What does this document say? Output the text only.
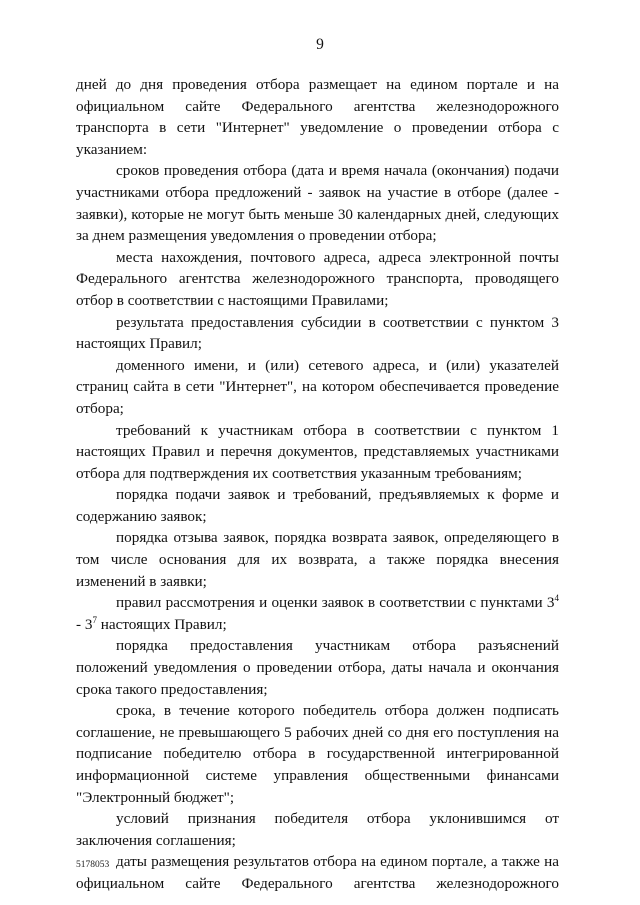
9

дней до дня проведения отбора размещает на едином портале и на официальном сайте Федерального агентства железнодорожного транспорта в сети "Интернет" уведомление о проведении отбора с указанием:

сроков проведения отбора (дата и время начала (окончания) подачи участниками отбора предложений - заявок на участие в отборе (далее - заявки), которые не могут быть меньше 30 календарных дней, следующих за днем размещения уведомления о проведении отбора;

места нахождения, почтового адреса, адреса электронной почты Федерального агентства железнодорожного транспорта, проводящего отбор в соответствии с настоящими Правилами;

результата предоставления субсидии в соответствии с пунктом 3 настоящих Правил;

доменного имени, и (или) сетевого адреса, и (или) указателей страниц сайта в сети "Интернет", на котором обеспечивается проведение отбора;

требований к участникам отбора в соответствии с пунктом 1 настоящих Правил и перечня документов, представляемых участниками отбора для подтверждения их соответствия указанным требованиям;

порядка подачи заявок и требований, предъявляемых к форме и содержанию заявок;

порядка отзыва заявок, порядка возврата заявок, определяющего в том числе основания для их возврата, а также порядка внесения изменений в заявки;

правил рассмотрения и оценки заявок в соответствии с пунктами $3^4 - 3^7$ настоящих Правил;

порядка предоставления участникам отбора разъяснений положений уведомления о проведении отбора, даты начала и окончания срока такого предоставления;

срока, в течение которого победитель отбора должен подписать соглашение, не превышающего 5 рабочих дней со дня его поступления на подписание победителю отбора в государственной интегрированной информационной системе управления общественными финансами "Электронный бюджет";

условий признания победителя отбора уклонившимся от заключения соглашения;

даты размещения результатов отбора на едином портале, а также на официальном сайте Федерального агентства железнодорожного

5178053
